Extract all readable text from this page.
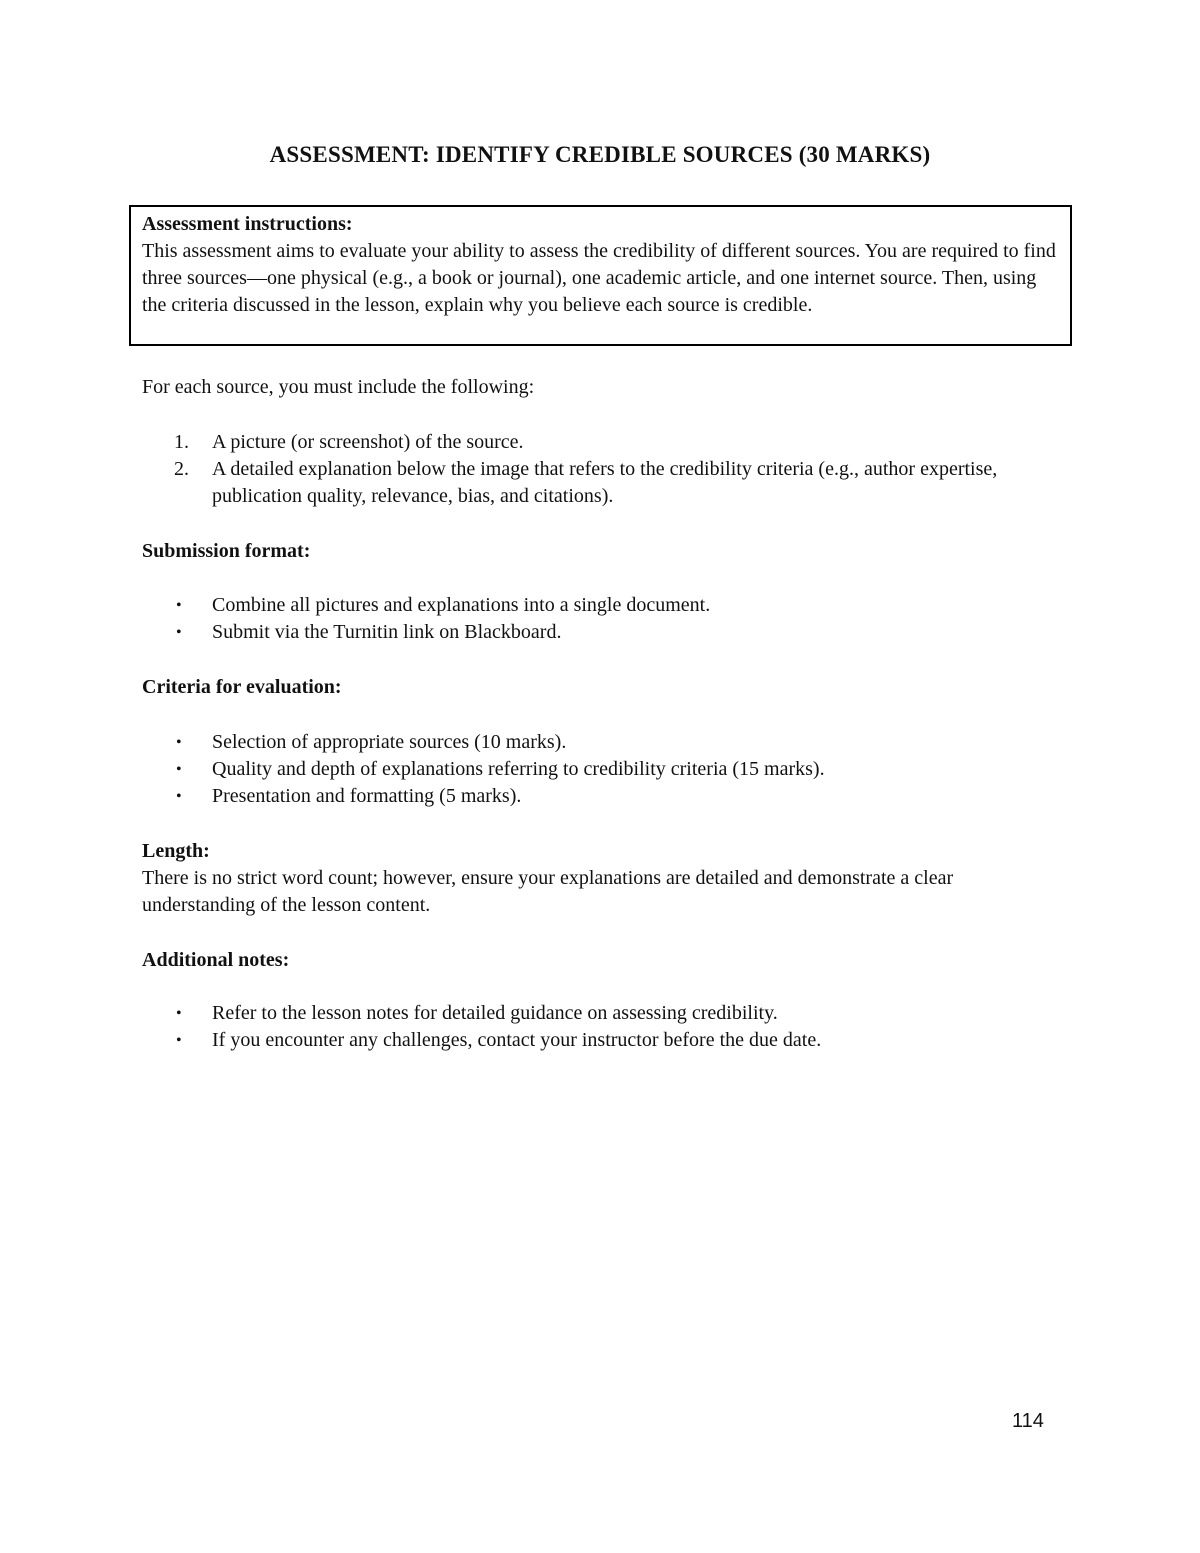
ASSESSMENT: IDENTIFY CREDIBLE SOURCES (30 MARKS)
Assessment instructions:
This assessment aims to evaluate your ability to assess the credibility of different sources. You are required to find three sources—one physical (e.g., a book or journal), one academic article, and one internet source. Then, using the criteria discussed in the lesson, explain why you believe each source is credible.
For each source, you must include the following:
1. A picture (or screenshot) of the source.
2. A detailed explanation below the image that refers to the credibility criteria (e.g., author expertise, publication quality, relevance, bias, and citations).
Submission format:
• Combine all pictures and explanations into a single document.
• Submit via the Turnitin link on Blackboard.
Criteria for evaluation:
• Selection of appropriate sources (10 marks).
• Quality and depth of explanations referring to credibility criteria (15 marks).
• Presentation and formatting (5 marks).
Length:
There is no strict word count; however, ensure your explanations are detailed and demonstrate a clear understanding of the lesson content.
Additional notes:
• Refer to the lesson notes for detailed guidance on assessing credibility.
• If you encounter any challenges, contact your instructor before the due date.
114
